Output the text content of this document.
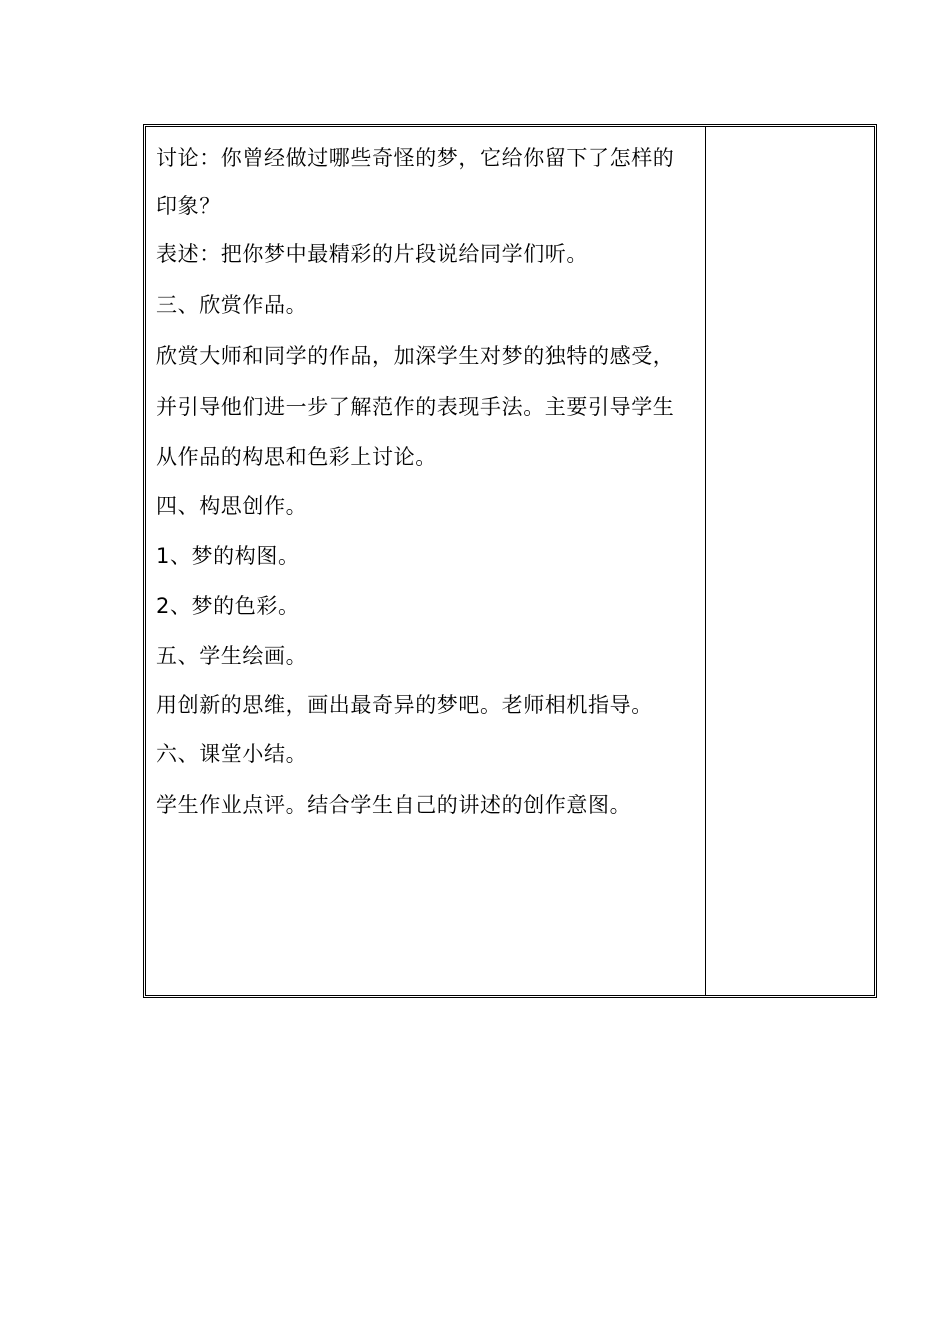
讨论：你曾经做过哪些奇怪的梦，它给你留下了怎样的
印象？
表述：把你梦中最精彩的片段说给同学们听。
三、欣赏作品。
欣赏大师和同学的作品，加深学生对梦的独特的感受，
并引导他们进一步了解范作的表现手法。主要引导学生
从作品的构思和色彩上讨论。
四、构思创作。
1、梦的构图。
2、梦的色彩。
五、学生绘画。
用创新的思维，画出最奇异的梦吧。老师相机指导。
六、课堂小结。
学生作业点评。结合学生自己的讲述的创作意图。
